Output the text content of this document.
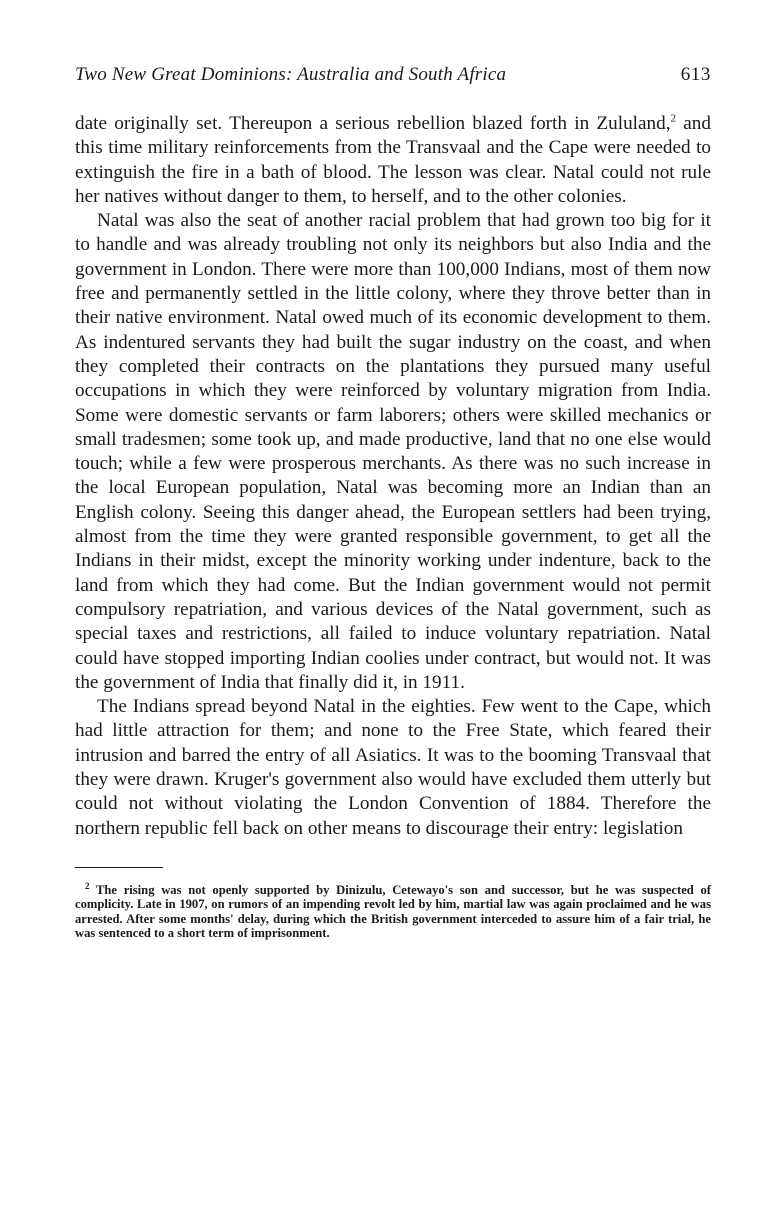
Two New Great Dominions: Australia and South Africa	613

date originally set. Thereupon a serious rebellion blazed forth in Zululand,$^2$ and this time military reinforcements from the Transvaal and the Cape were needed to extinguish the fire in a bath of blood. The lesson was clear. Natal could not rule her natives without danger to them, to herself, and to the other colonies.

Natal was also the seat of another racial problem that had grown too big for it to handle and was already troubling not only its neighbors but also India and the government in London. There were more than 100,000 Indians, most of them now free and permanently settled in the little colony, where they throve better than in their native environment. Natal owed much of its economic development to them. As indentured servants they had built the sugar industry on the coast, and when they completed their contracts on the plantations they pursued many useful occupations in which they were reinforced by voluntary migration from India. Some were domestic servants or farm laborers; others were skilled mechanics or small tradesmen; some took up, and made productive, land that no one else would touch; while a few were prosperous merchants. As there was no such increase in the local European population, Natal was becoming more an Indian than an English colony. Seeing this danger ahead, the European settlers had been trying, almost from the time they were granted responsible government, to get all the Indians in their midst, except the minority working under indenture, back to the land from which they had come. But the Indian government would not permit compulsory repatriation, and various devices of the Natal government, such as special taxes and restrictions, all failed to induce voluntary repatriation. Natal could have stopped importing Indian coolies under contract, but would not. It was the government of India that finally did it, in 1911.

The Indians spread beyond Natal in the eighties. Few went to the Cape, which had little attraction for them; and none to the Free State, which feared their intrusion and barred the entry of all Asiatics. It was to the booming Transvaal that they were drawn. Kruger's government also would have excluded them utterly but could not without violating the London Convention of 1884. Therefore the northern republic fell back on other means to discourage their entry: legislation

$^2$ The rising was not openly supported by Dinizulu, Cetewayo's son and successor, but he was suspected of complicity. Late in 1907, on rumors of an impending revolt led by him, martial law was again proclaimed and he was arrested. After some months' delay, during which the British government interceded to assure him of a fair trial, he was sentenced to a short term of imprisonment.
